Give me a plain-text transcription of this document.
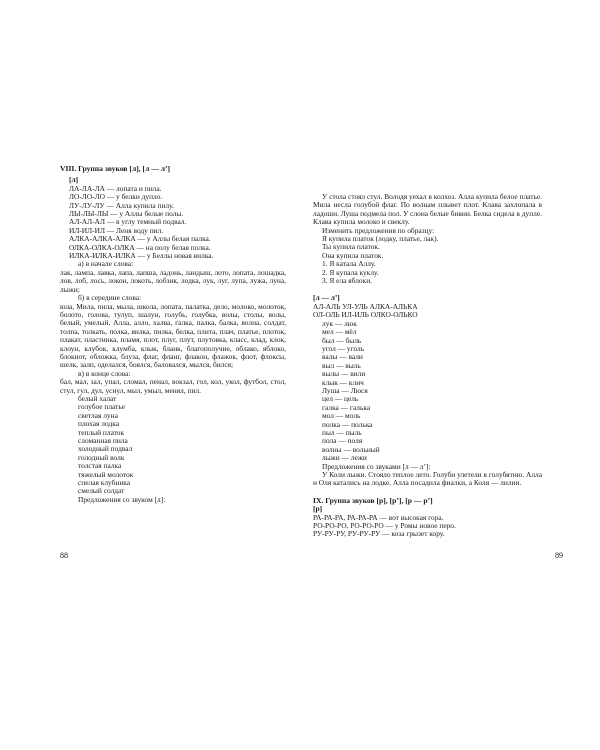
VIII. Группа звуков [л], [л — л’]

[л]

ЛА-ЛА-ЛА — лопата и пила.

ЛО-ЛО-ЛО — у белки дупло.

ЛУ-ЛУ-ЛУ — Алла купила пилу.

ЛЫ-ЛЫ-ЛЫ — у Аллы белые полы.

АЛ-АЛ-АЛ — в углу темный подвал.

ИЛ-ИЛ-ИЛ — Леня воду пил.

АЛКА-АЛКА-АЛКА — у Аллы белая палка.

ОЛКА-ОЛКА-ОЛКА — на полу белая полка.

ИЛКА-ИЛКА-ИЛКА — у Беллы новая вилка.

а) в начале слова:

лак, лампа, лавка, лапа, лапша, ладонь, ландыш, лото, лопата, лошадка, лов, лоб, лось, локон, локоть, лобзик, лодка, лук, луг, лупа, лужа, луна, лыжи;

б) в середине слова:

юла, Мила, пила, мыла, школа, лопата, палатка, дело, молоко, молоток, болото, голова, тулуп, шалун, голубь, голубка, волы, столы, волы, белый, умелый, Алла, алло, халва, галка, палка, балка, волна, солдат, толпа, толкать, полка, вилка, пилка, белка, плита, плач, платье, плоток, плакат, пластинка, пламя, плот, плуг, плут, плутовка, класс, клад, клок, клоун, клубок, клумба, клык, бланк, благополучие, облако, яблоко, блокнот, обложка, блуза, флаг, фланг, флакон, флажок, флот, флоксы, шелк, залп, оделался, боялся, баловался, мылся, бился;

в) в конце слова:

бал, мал, зал, упал, сломал, пенал, вокзал, гол, кол, укол, футбол, стол, стул, гул, дул, уснул, мыл, умыл, менял, пил.

белый халат

голубое платье

светлая луна

плохая лодка

теплый платок

сломанная пила

холодный подвал

голодный волк

толстая палка

тяжелый молоток

спелая клубника

смелый солдат

Предложения со звуком [л]:

88

У стола стоял стул. Володя уехал в колхоз. Алла купила белое платье. Мила несла голубой флаг. По волнам плывет плот. Клава захлопала в ладоши. Луша подмела пол. У слона белые бивни. Белка сидела в дупле. Клава купила молоко и свеклу.

Изменить предложения по образцу:

Я купила платок (лодку, платье, лак).

Ты купила платок.

Она купила платок.

1. Я катала Аллу.

2. Я купала куклу.

3. Я ела яблоки.

[л — л’]

АЛ-АЛЬ УЛ-УЛЬ АЛКА-АЛЬКА

ОЛ-ОЛЬ ИЛ-ИЛЬ ОЛКО-ОЛЬКО

лук — люк

мел — мёл

был — быль

угол — уголь

валы — вали

выл — выль

вылы — вили

клык — клич

Луша — Люся

цел — цель

галка — галька

мол — моль

полка — полька

пыл — пыль

пола — поля

волны — вольный

лыжи — лежи

Предложения со звуками [л — л’]:

У Коли лыжи. Стояло теплое лето. Голуби улетели в голубятню. Алла и Оля катались на лодке. Алла посадила фиалки, а Коля — лилии.

IX. Группа звуков [р], [р’], [р — р’]

[р]

РА-РА-РА, РА-РА-РА — вот высокая гора.

РО-РО-РО, РО-РО-РО — у Ромы новое перо.

РУ-РУ-РУ, РУ-РУ-РУ — коза грызет кору.

89
